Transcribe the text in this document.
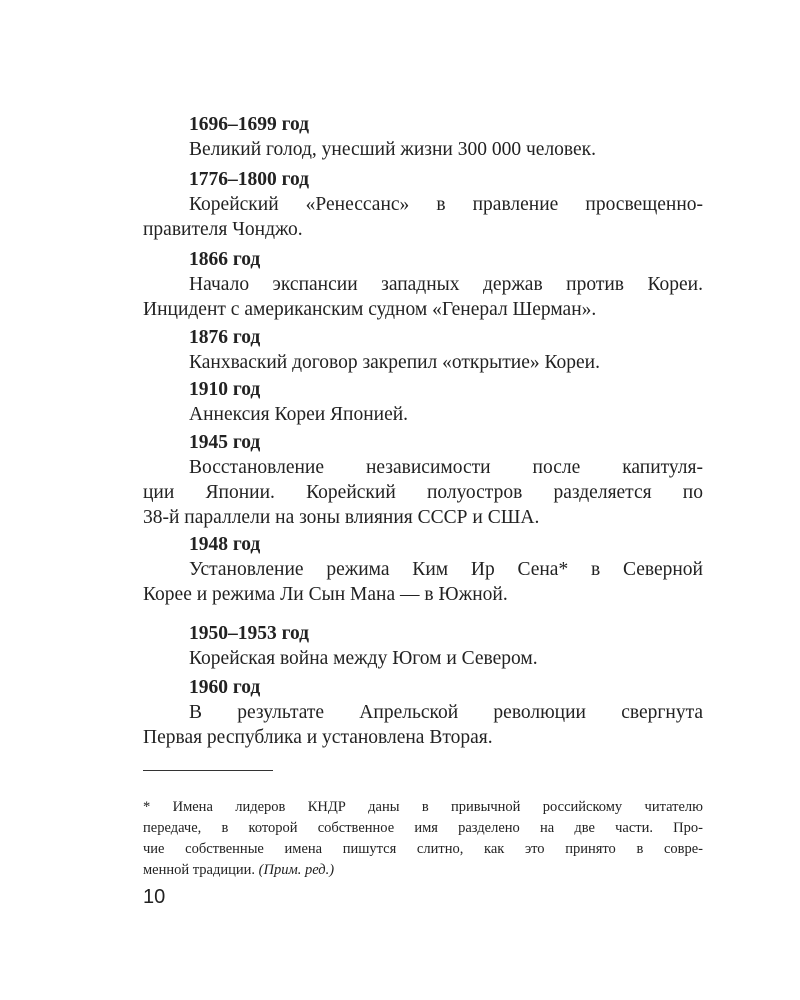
1696–1699 год
Великий голод, унесший жизни 300 000 человек.
1776–1800 год
Корейский «Ренессанс» в правление просвещенно-
правителя Чонджо.
1866 год
Начало экспансии западных держав против Кореи.
Инцидент с американским судном «Генерал Шерман».
1876 год
Канхваский договор закрепил «открытие» Кореи.
1910 год
Аннексия Кореи Японией.
1945 год
Восстановление независимости после капитуля-
ции Японии. Корейский полуостров разделяется по
38-й параллели на зоны влияния СССР и США.
1948 год
Установление режима Ким Ир Сена* в Северной
Корее и режима Ли Сын Мана — в Южной.
1950–1953 год
Корейская война между Югом и Севером.
1960 год
В результате Апрельской революции свергнута
Первая республика и установлена Вторая.
* Имена лидеров КНДР даны в привычной российскому читателю
передаче, в которой собственное имя разделено на две части. Про-
чие собственные имена пишутся слитно, как это принято в совре-
менной традиции. (Прим. ред.)
10
